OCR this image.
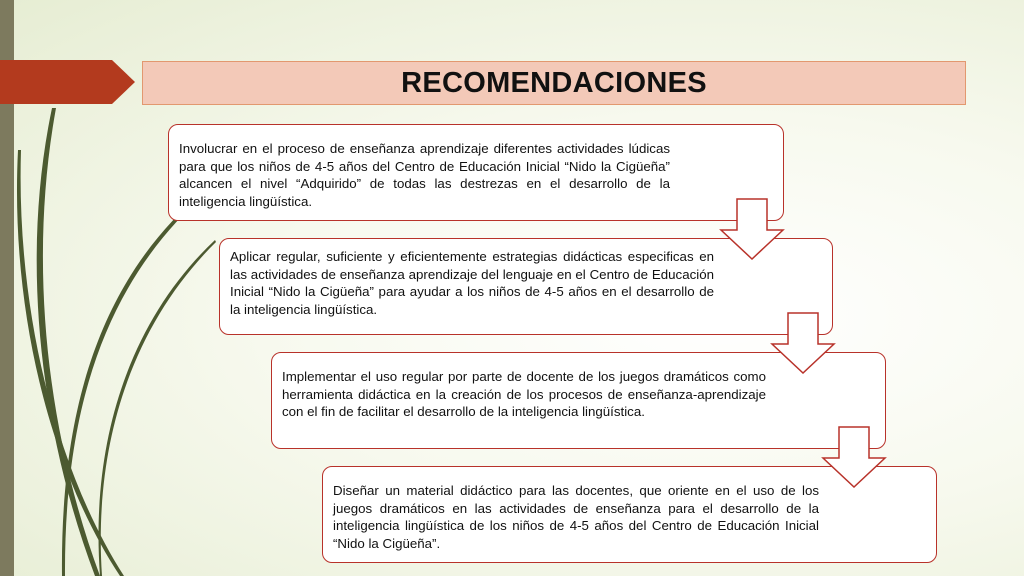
RECOMENDACIONES
Involucrar en el proceso de enseñanza aprendizaje diferentes actividades lúdicas para que los niños de 4-5 años del Centro de Educación Inicial “Nido la Cigüeña” alcancen el nivel “Adquirido” de todas las destrezas en el desarrollo de la inteligencia lingüística.
Aplicar regular, suficiente y eficientemente estrategias didácticas especificas en las actividades de enseñanza aprendizaje del lenguaje en el Centro de Educación Inicial “Nido la Cigüeña” para ayudar a los niños de 4-5 años en el desarrollo de la inteligencia lingüística.
Implementar el uso regular por parte de docente de los juegos dramáticos como herramienta didáctica en la creación de los procesos de enseñanza-aprendizaje con el fin de facilitar el desarrollo de la inteligencia lingüística.
Diseñar un material didáctico para las docentes, que oriente en el uso de los juegos dramáticos en las actividades de enseñanza para el desarrollo de la inteligencia lingüística de los niños de 4-5 años del Centro de Educación Inicial “Nido la Cigüeña”.
